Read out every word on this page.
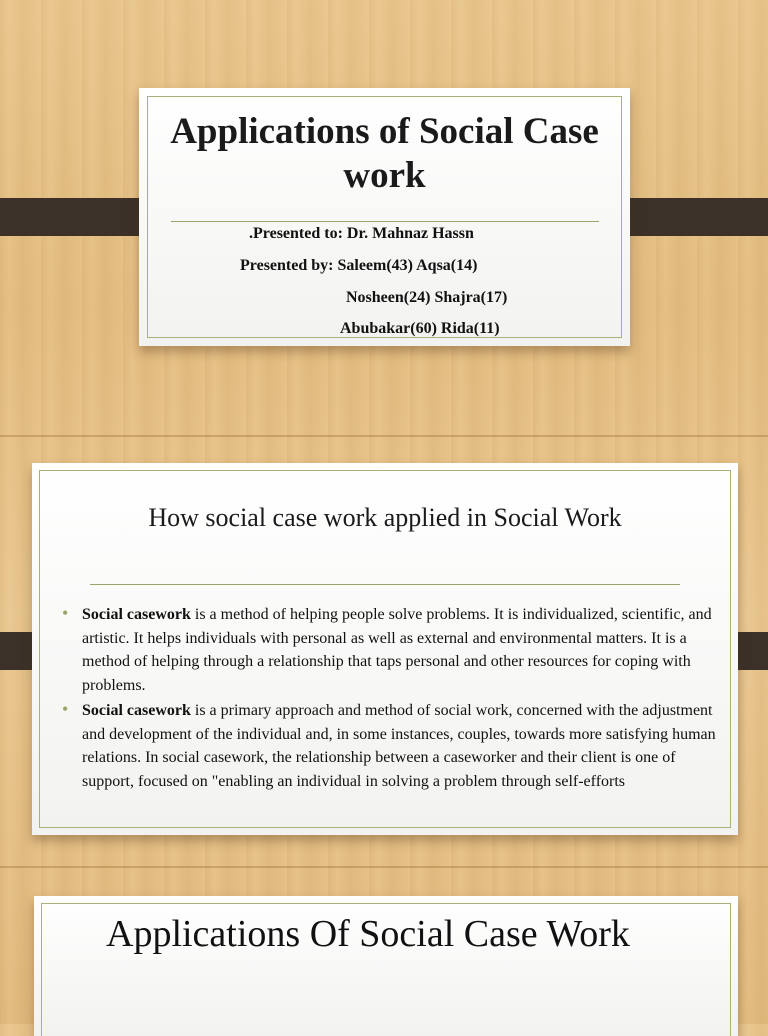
Applications of Social Case work
.Presented to: Dr. Mahnaz Hassn
Presented by: Saleem(43) Aqsa(14)
Nosheen(24) Shajra(17)
Abubakar(60) Rida(11)
How social case work applied in Social Work
• Social casework is a method of helping people solve problems. It is individualized, scientific, and artistic. It helps individuals with personal as well as external and environmental matters. It is a method of helping through a relationship that taps personal and other resources for coping with problems.
• Social casework is a primary approach and method of social work, concerned with the adjustment and development of the individual and, in some instances, couples, towards more satisfying human relations. In social casework, the relationship between a caseworker and their client is one of support, focused on "enabling an individual in solving a problem through self-efforts
Applications Of Social Case Work
